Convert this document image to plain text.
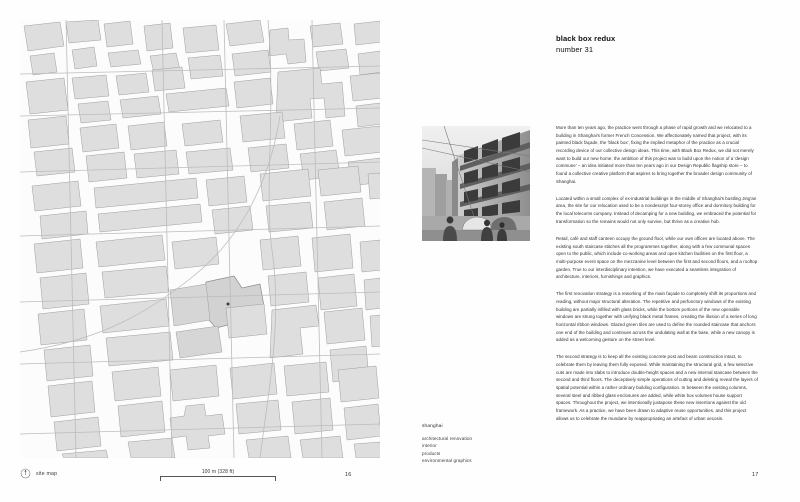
site map	100 m (328 ft)	16
black box redux
number 31
shanghai
architectural renovation
interior
products
environmental graphics

More than ten years ago, the practice went through a phase of rapid growth and we relocated to a building in Shanghai's former French Concession. We affectionately named that project, with its painted black façade, the 'black box', fixing the implied metaphor of the practice as a crucial recording device of our collective design ideas. This time, with Black Box Redux, we did not merely want to build our new home: the ambition of this project was to build upon the notion of a 'design commune' – an idea initiated more than ten years ago in our Design Republic flagship store – to found a collective creative platform that aspires to bring together the broader design community of Shanghai.

Located within a small complex of ex-industrial buildings in the middle of Shanghai's bustling Jing'an area, the site for our relocation used to be a nondescript four-storey office and dormitory building for the local telecoms company. Instead of decamping for a new building, we embraced the potential for transformation so the remains would not only survive, but thrive as a creative hub.

Retail, café and staff canteen occupy the ground floor, while our own offices are located above. The existing south staircase stitches all the programmes together, along with a few communal spaces open to the public, which include co-working areas and open kitchen facilities on the first floor, a multi-purpose event space on the mezzanine level between the first and second floors, and a rooftop garden. True to our interdisciplinary intention, we have executed a seamless integration of architecture, interiors, furnishings and graphics.

The first renovation strategy is a reworking of the main façade to completely shift its proportions and reading, without major structural alteration. The repetitive and perfunctory windows of the existing building are partially infilled with glass bricks, while the bottom portions of the new openable windows are strung together with unifying black metal frames, creating the illusion of a series of long horizontal ribbon windows. Glazed green tiles are used to define the rounded staircase that anchors one end of the building and continues across the undulating wall at the base, while a new canopy is added as a welcoming gesture on the street level.

The second strategy is to keep all the existing concrete post and beam construction intact, to celebrate them by leaving them fully exposed. While maintaining the structural grid, a few selective cuts are made into slabs to introduce double-height spaces and a new internal staircase between the second and third floors. The deceptively simple operations of cutting and deleting reveal the layers of spatial potential within a rather ordinary building configuration. In between the existing columns, several steel and ribbed glass enclosures are added, while white box volumes house support spaces. Throughout the project, we intentionally juxtapose these new insertions against the old framework. As a practice, we have been drawn to adaptive reuse opportunities, and this project allows us to celebrate the mundane by reappropriating an artefact of urban oecosis.

17
